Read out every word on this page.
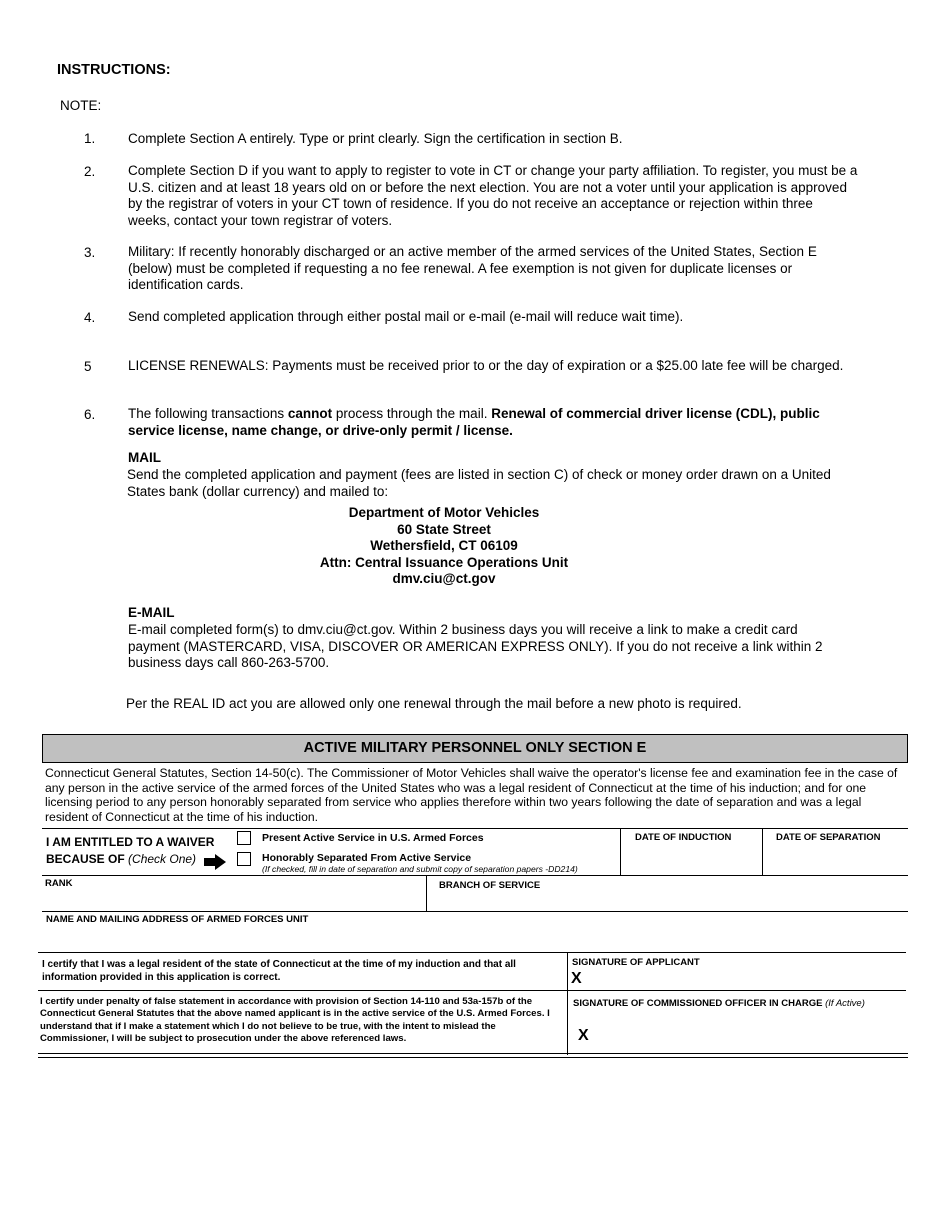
INSTRUCTIONS:
NOTE:
1. Complete Section A entirely. Type or print clearly. Sign the certification in section B.
2. Complete Section D if you want to apply to register to vote in CT or change your party affiliation. To register, you must be a U.S. citizen and at least 18 years old on or before the next election. You are not a voter until your application is approved by the registrar of voters in your CT town of residence. If you do not receive an acceptance or rejection within three weeks, contact your town registrar of voters.
3. Military: If recently honorably discharged or an active member of the armed services of the United States, Section E (below) must be completed if requesting a no fee renewal. A fee exemption is not given for duplicate licenses or identification cards.
4. Send completed application through either postal mail or e-mail (e-mail will reduce wait time).
5	LICENSE RENEWALS: Payments must be received prior to or the day of expiration or a $25.00 late fee will be charged.
6. The following transactions cannot process through the mail. Renewal of commercial driver license (CDL), public service license, name change, or drive-only permit / license.
MAIL
Send the completed application and payment (fees are listed in section C) of check or money order drawn on a United States bank (dollar currency) and mailed to:
Department of Motor Vehicles
60 State Street
Wethersfield, CT 06109
Attn: Central Issuance Operations Unit
dmv.ciu@ct.gov
E-MAIL
E-mail completed form(s) to dmv.ciu@ct.gov. Within 2 business days you will receive a link to make a credit card payment (MASTERCARD, VISA, DISCOVER OR AMERICAN EXPRESS ONLY). If you do not receive a link within 2 business days call 860-263-5700.
Per the REAL ID act you are allowed only one renewal through the mail before a new photo is required.
ACTIVE MILITARY PERSONNEL ONLY SECTION E
Connecticut General Statutes, Section 14-50(c). The Commissioner of Motor Vehicles shall waive the operator's license fee and examination fee in the case of any person in the active service of the armed forces of the United States who was a legal resident of Connecticut at the time of his induction; and for one licensing period to any person honorably separated from service who applies therefore within two years following the date of separation and was a legal resident of Connecticut at the time of his induction.
I AM ENTITLED TO A WAIVER
BECAUSE OF (Check One)
Present Active Service in U.S. Armed Forces
Honorably Separated From Active Service
(If checked, fill in date of separation and submit copy of separation papers -DD214)
DATE OF INDUCTION	DATE OF SEPARATION
RANK	BRANCH OF SERVICE
NAME AND MAILING ADDRESS OF ARMED FORCES UNIT
I certify that I was a legal resident of the state of Connecticut at the time of my induction and that all information provided in this application is correct.
SIGNATURE OF APPLICANT
X
I certify under penalty of false statement in accordance with provision of Section 14-110 and 53a-157b of the Connecticut General Statutes that the above named applicant is in the active service of the U.S. Armed Forces. I understand that if I make a statement which I do not believe to be true, with the intent to mislead the Commissioner, I will be subject to prosecution under the above referenced laws.
SIGNATURE OF COMMISSIONED OFFICER IN CHARGE (If Active)
X
